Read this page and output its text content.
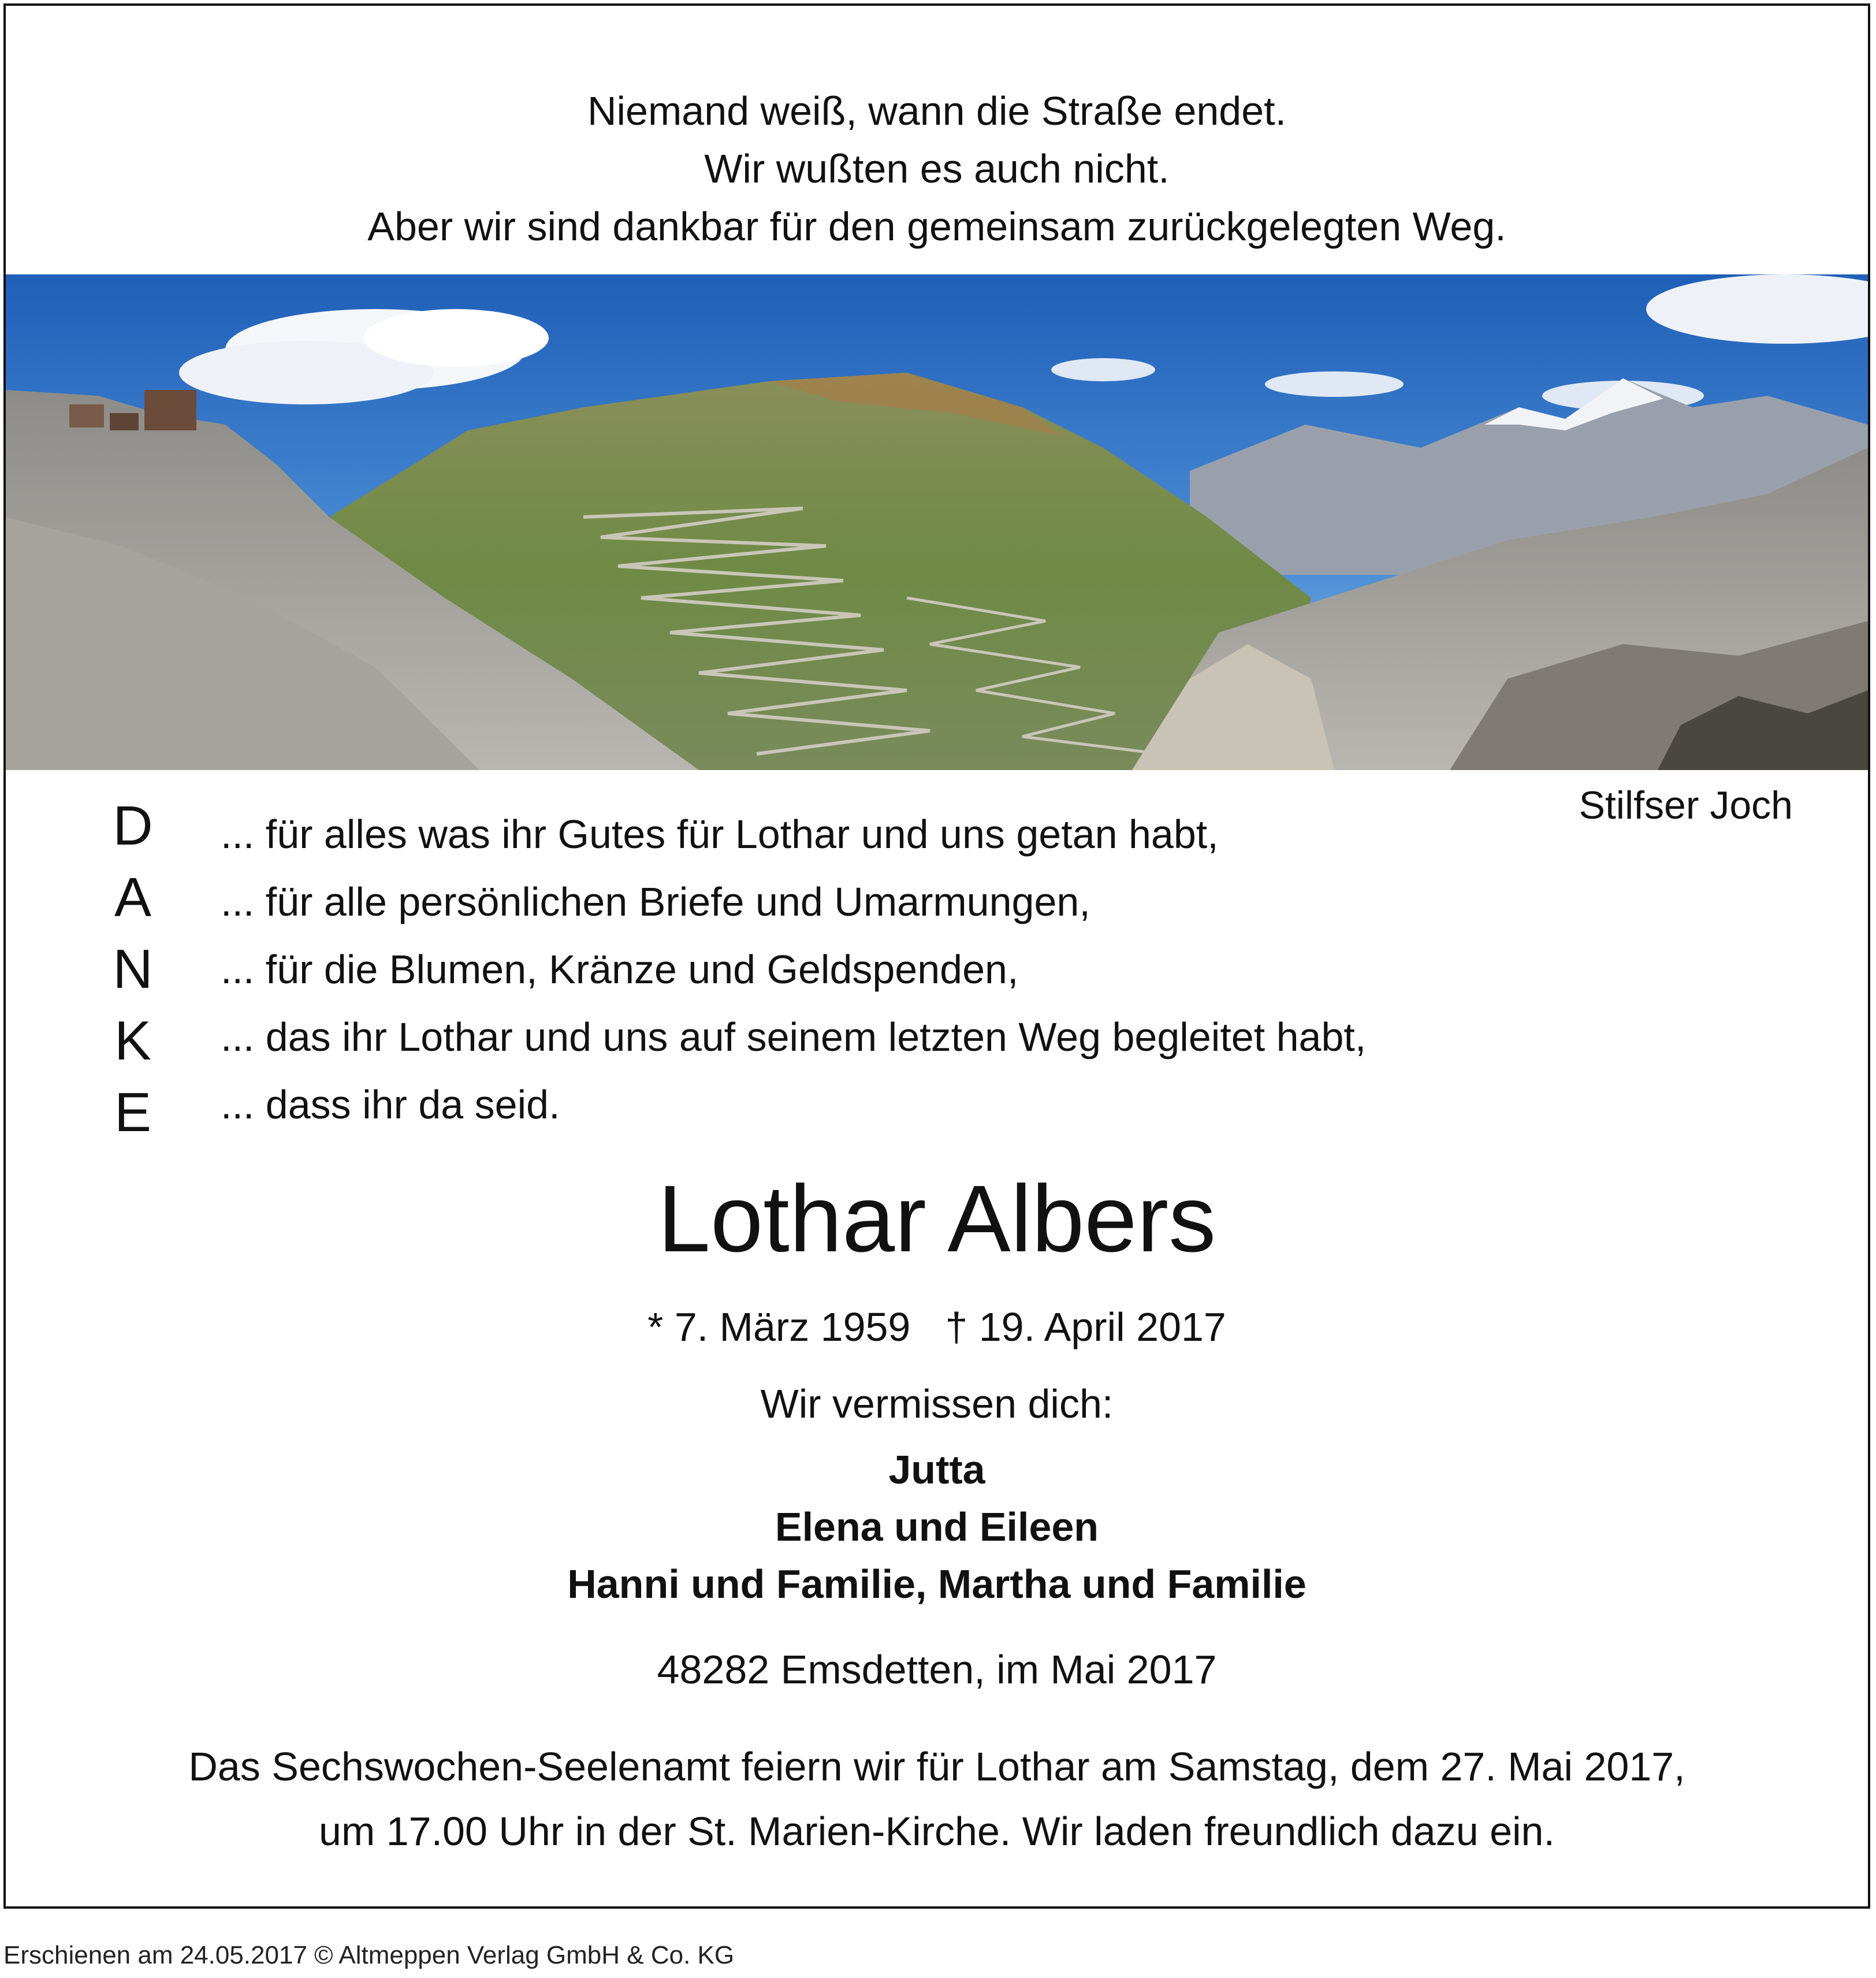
Niemand weiß, wann die Straße endet.
Wir wußten es auch nicht.
Aber wir sind dankbar für den gemeinsam zurückgelegten Weg.
Stilfser Joch
D
A
N
K
E
... für alles was ihr Gutes für Lothar und uns getan habt,
... für alle persönlichen Briefe und Umarmungen,
... für die Blumen, Kränze und Geldspenden,
... das ihr Lothar und uns auf seinem letzten Weg begleitet habt,
... dass ihr da seid.
Lothar Albers
* 7. März 1959 † 19. April 2017
Wir vermissen dich:
Jutta
Elena und Eileen
Hanni und Familie, Martha und Familie
48282 Emsdetten, im Mai 2017
Das Sechswochen-Seelenamt feiern wir für Lothar am Samstag, dem 27. Mai 2017,
um 17.00 Uhr in der St. Marien-Kirche. Wir laden freundlich dazu ein.
Erschienen am 24.05.2017 © Altmeppen Verlag GmbH & Co. KG
